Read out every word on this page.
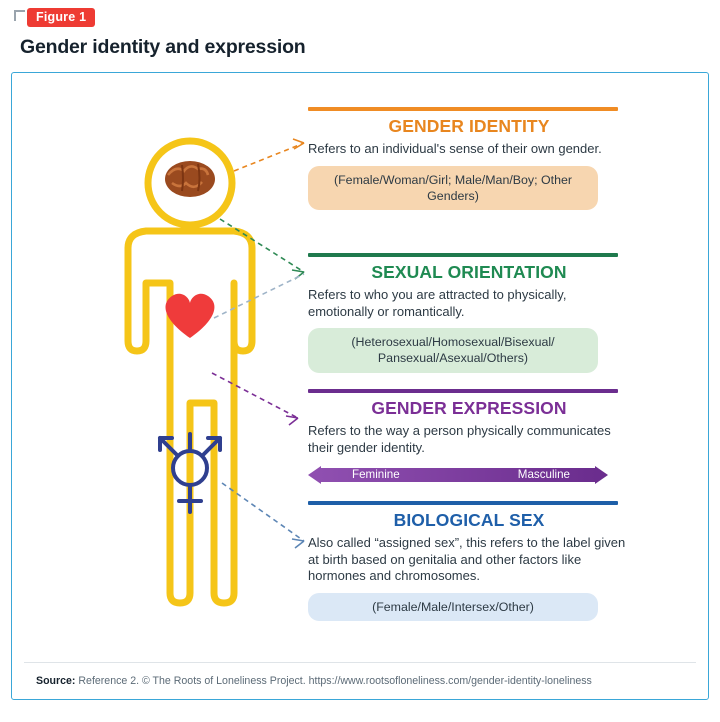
Figure 1
Gender identity and expression
GENDER IDENTITY

Refers to an individual's sense of their own gender.

(Female/Woman/Girl; Male/Man/Boy; Other Genders)
SEXUAL ORIENTATION

Refers to who you are attracted to physically, emotionally or romantically.

(Heterosexual/Homosexual/Bisexual/ Pansexual/Asexual/Others)
GENDER EXPRESSION

Refers to the way a person physically communicates their gender identity.

Feminine	Masculine
BIOLOGICAL SEX

Also called “assigned sex”, this refers to the label given at birth based on genitalia and other factors like hormones and chromosomes.

(Female/Male/Intersex/Other)
Source: Reference 2. © The Roots of Loneliness Project. https://www.rootsofloneliness.com/gender-identity-loneliness
